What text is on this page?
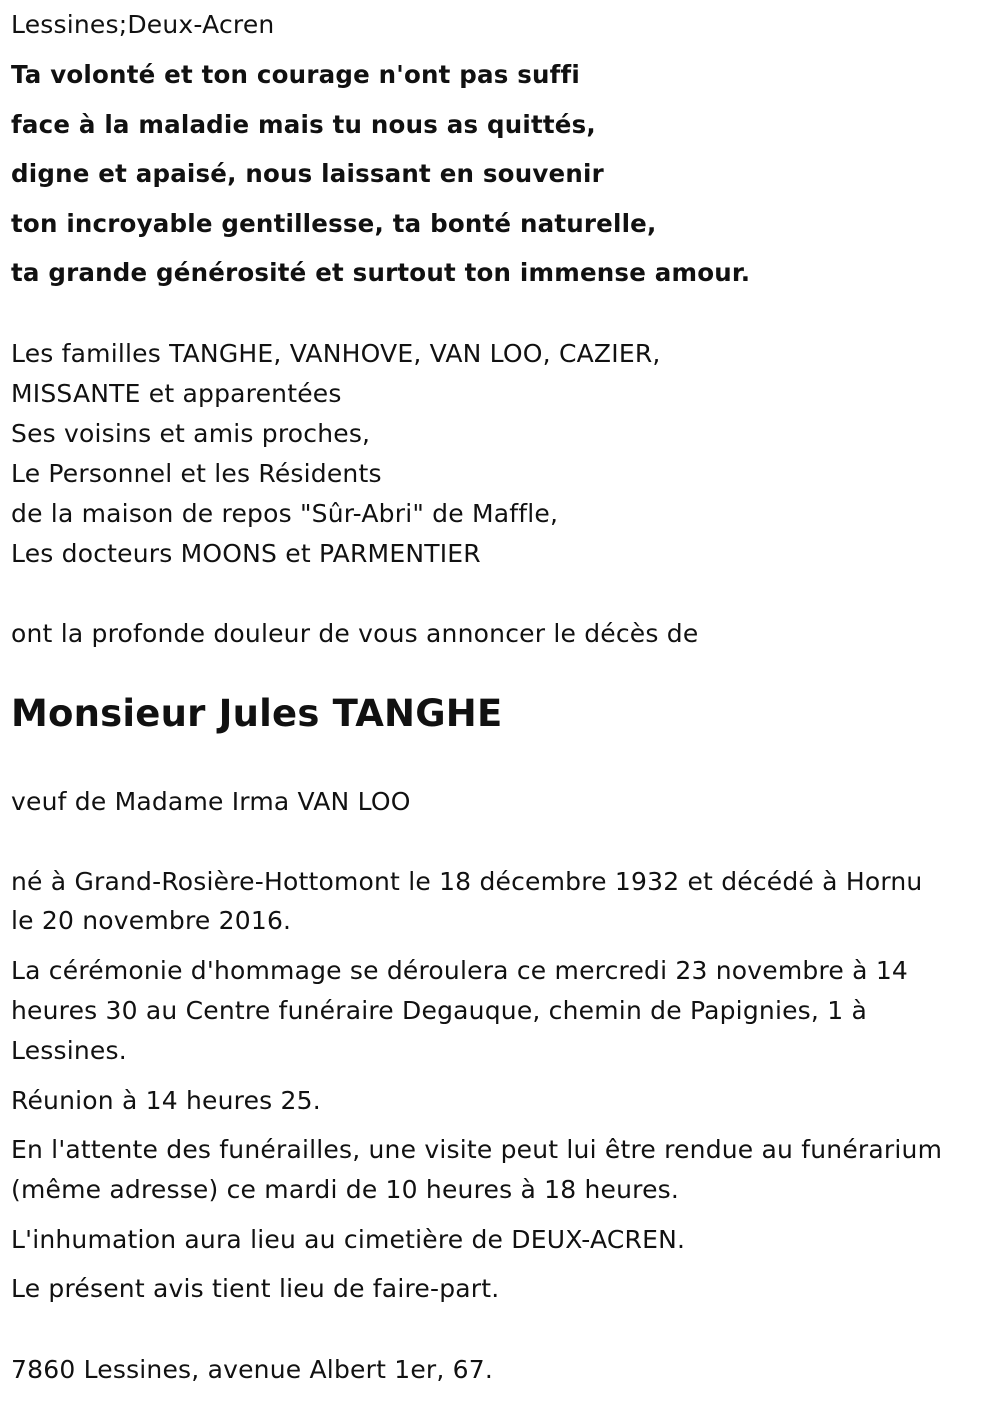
Lessines;Deux-Acren
Ta volonté et ton courage n'ont pas suffi
face à la maladie mais tu nous as quittés,
digne et apaisé, nous laissant en souvenir
ton incroyable gentillesse, ta bonté naturelle,
ta grande générosité et surtout ton immense amour.
Les familles TANGHE, VANHOVE, VAN LOO, CAZIER,
MISSANTE et apparentées
Ses voisins et amis proches,
Le Personnel et les Résidents
de la maison de repos "Sûr-Abri" de Maffle,
Les docteurs MOONS et PARMENTIER
ont la profonde douleur de vous annoncer le décès de
Monsieur Jules TANGHE
veuf de Madame Irma VAN LOO
né à Grand-Rosière-Hottomont le 18 décembre 1932 et décédé à Hornu
le 20 novembre 2016.
La cérémonie d'hommage se déroulera ce mercredi 23 novembre à 14
heures 30 au Centre funéraire Degauque, chemin de Papignies, 1 à
Lessines.
Réunion à 14 heures 25.
En l'attente des funérailles, une visite peut lui être rendue au funérarium
(même adresse) ce mardi de 10 heures à 18 heures.
L'inhumation aura lieu au cimetière de DEUX-ACREN.
Le présent avis tient lieu de faire-part.
7860 Lessines, avenue Albert 1er, 67.
